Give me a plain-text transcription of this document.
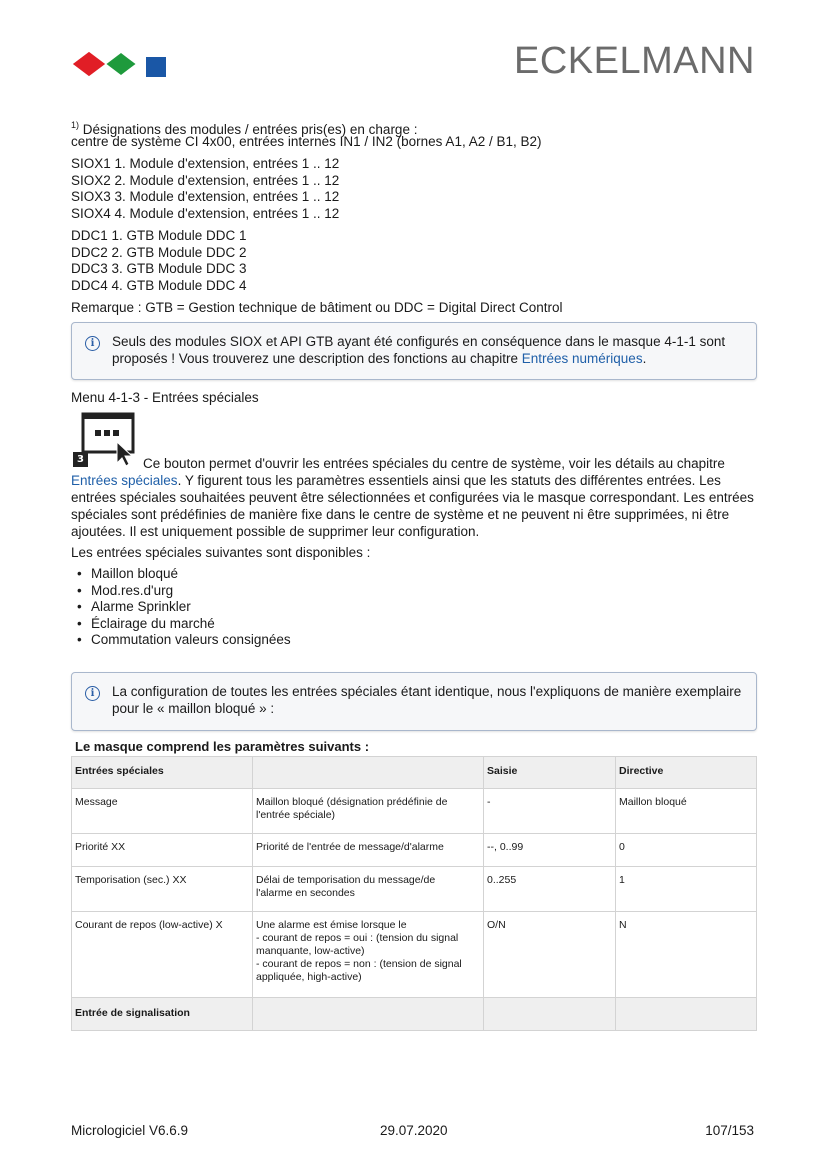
ECKELMANN
$^{1)}$ Désignations des modules / entrées pris(es) en charge :
centre de système CI 4x00, entrées internes IN1 / IN2 (bornes A1, A2 / B1, B2)
SIOX1 1. Module d'extension, entrées 1 .. 12
SIOX2 2. Module d'extension, entrées 1 .. 12
SIOX3 3. Module d'extension, entrées 1 .. 12
SIOX4 4. Module d'extension, entrées 1 .. 12
DDC1 1. GTB Module DDC 1
DDC2 2. GTB Module DDC 2
DDC3 3. GTB Module DDC 3
DDC4 4. GTB Module DDC 4
Remarque : GTB = Gestion technique de bâtiment ou DDC = Digital Direct Control
i	Seuls des modules SIOX et API GTB ayant été configurés en conséquence dans le masque 4-1-1 sont proposés ! Vous trouverez une description des fonctions au chapitre Entrées numériques.
Menu 4-1-3 - Entrées spéciales
3	Ce bouton permet d'ouvrir les entrées spéciales du centre de système, voir les détails au chapitre Entrées spéciales. Y figurent tous les paramètres essentiels ainsi que les statuts des différentes entrées. Les entrées spéciales souhaitées peuvent être sélectionnées et configurées via le masque correspondant. Les entrées spéciales sont prédéfinies de manière fixe dans le centre de système et ne peuvent ni être supprimées, ni être ajoutées. Il est uniquement possible de supprimer leur configuration.
Les entrées spéciales suivantes sont disponibles :
• Maillon bloqué
• Mod.res.d'urg
• Alarme Sprinkler
• Éclairage du marché
• Commutation valeurs consignées
i	La configuration de toutes les entrées spéciales étant identique, nous l'expliquons de manière exemplaire pour le « maillon bloqué » :
Le masque comprend les paramètres suivants :
Entrées spéciales		Saisie	Directive
Message	Maillon bloqué (désignation prédéfinie de
l'entrée spéciale)	-	Maillon bloqué
Priorité XX	Priorité de l'entrée de message/d'alarme	--, 0..99	0
Temporisation (sec.) XX	Délai de temporisation du message/de
l'alarme en secondes	0..255	1
Courant de repos (low-active) X	Une alarme est émise lorsque le
- courant de repos = oui : (tension du signal
manquante, low-active)
- courant de repos = non : (tension de signal
appliquée, high-active)	O/N	N
Entrée de signalisation			
Micrologiciel V6.6.9	29.07.2020	107/153
